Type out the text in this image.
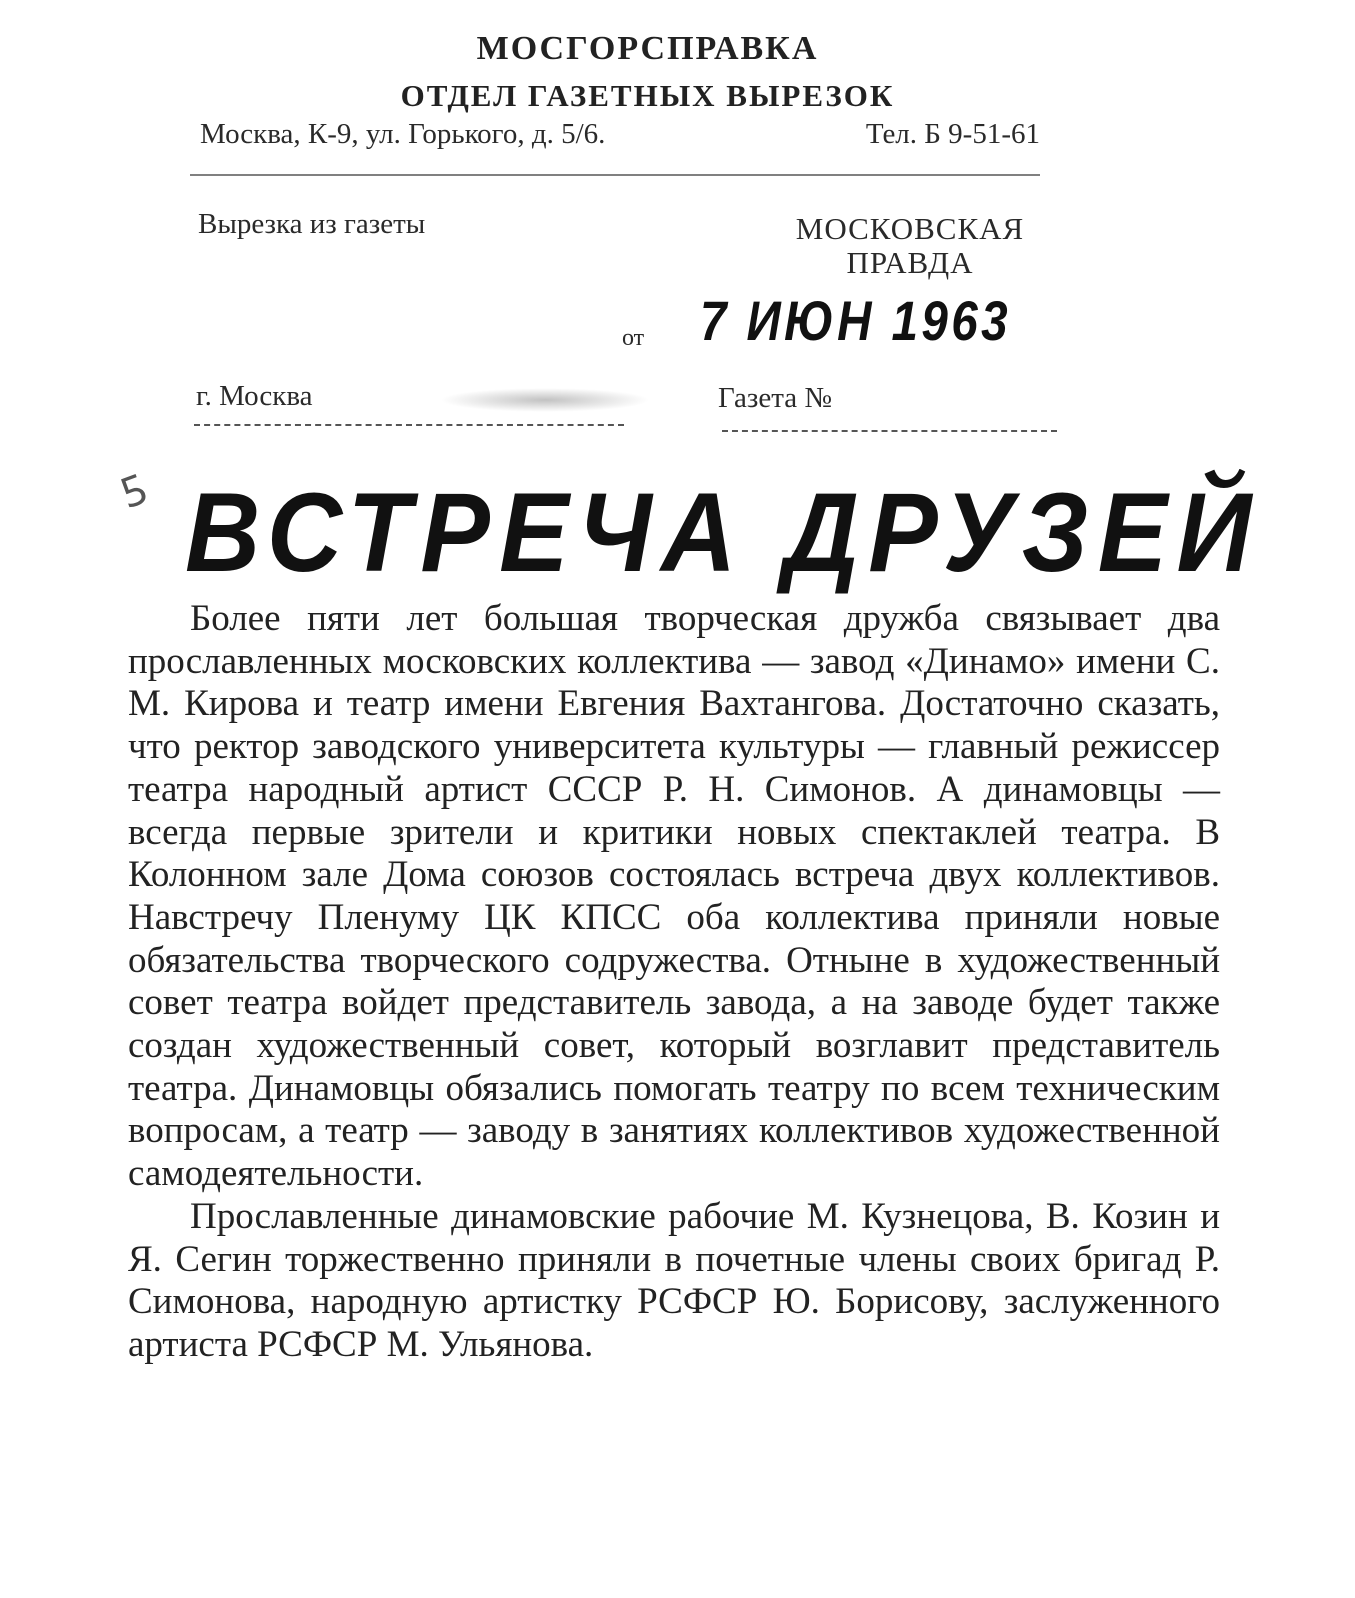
МОСГОРСПРАВКА
ОТДЕЛ ГАЗЕТНЫХ ВЫРЕЗОК
Москва, К-9, ул. Горького, д. 5/6.	Тел. Б 9-51-61
Вырезка из газеты	МОСКОВСКАЯ ПРАВДА
от 7 ИЮН 1963
г. Москва	Газета №
ƽ ВСТРЕЧА ДРУЗЕЙ

Более пяти лет большая творческая дружба связывает два прославленных московских коллектива — завод «Динамо» имени С. М. Кирова и театр имени Евгения Вахтангова. Достаточно сказать, что ректор заводского университета культуры — главный режиссер театра народный артист СССР Р. Н. Симонов. А динамовцы — всегда первые зрители и критики новых спектаклей театра. В Колонном зале Дома союзов состоялась встреча двух коллективов. Навстречу Пленуму ЦК КПСС оба коллектива приняли новые обязательства творческого содружества. Отныне в художественный совет театра войдет представитель завода, а на заводе будет также создан художественный совет, который возглавит представитель театра. Динамовцы обязались помогать театру по всем техническим вопросам, а театр — заводу в занятиях коллективов художественной самодеятельности.

Прославленные динамовские рабочие М. Кузнецова, В. Козин и Я. Сегин торжественно приняли в почетные члены своих бригад Р. Симонова, народную артистку РСФСР Ю. Борисову, заслуженного артиста РСФСР М. Ульянова.
